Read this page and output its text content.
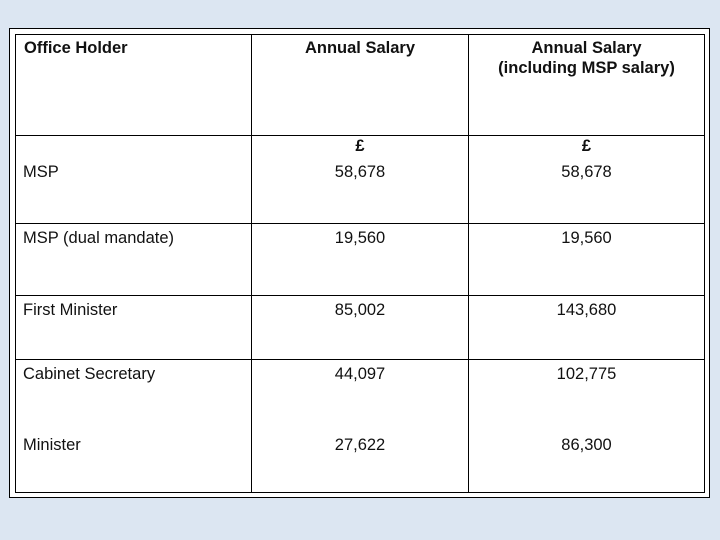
Office Holder	Annual Salary	Annual Salary
(including MSP salary)

	£	£
MSP	58,678	58,678
MSP (dual mandate)	19,560	19,560
First Minister	85,002	143,680
Cabinet Secretary	44,097	102,775
Minister	27,622	86,300
